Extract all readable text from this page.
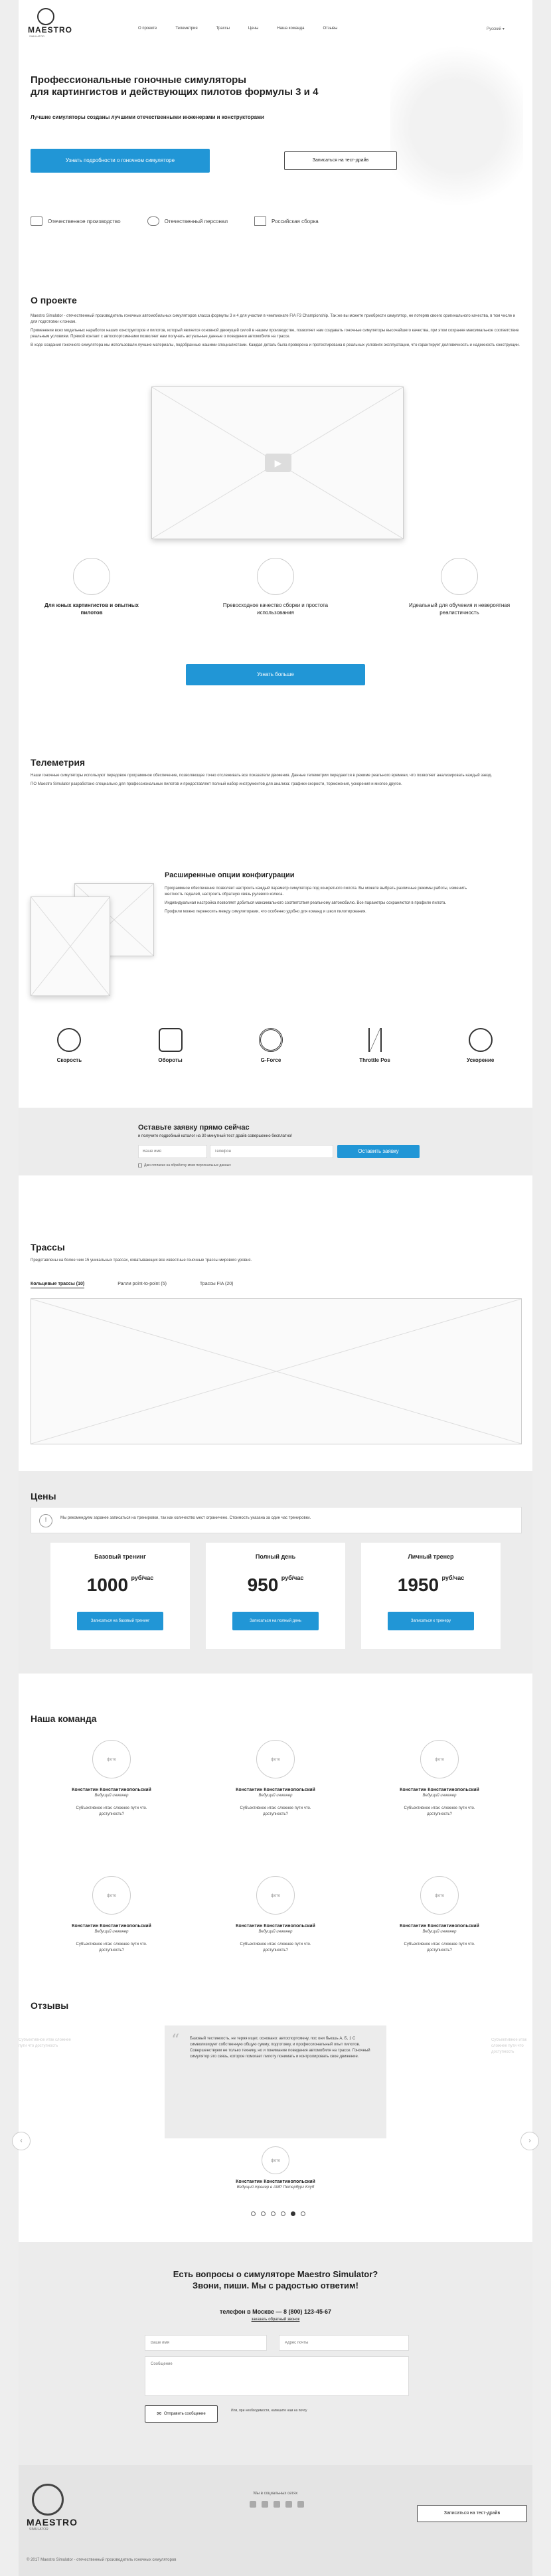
MAESTRO
SIMULATOR
О проекте	Телеметрия	Трассы	Цены	Наша команда	Отзывы	Русский ▾
Профессиональные гоночные симуляторы
для картингистов и действующих пилотов формулы 3 и 4
Лучшие симуляторы созданы лучшими отечественными инженерами и конструкторами
Узнать подробности о гоночном симуляторе	Записаться на тест-драйв
Отечественное производство	Отечественный персонал	Российская сборка
О проекте
Maestro Simulator - отечественный производитель гоночных автомобильных симуляторов класса формулы 3 и 4 для участия в чемпионате FIA F3 Championship. Так же вы можете приобрести симулятор, не потеряв своего оригинального качества, в том числе и для подготовки к гонкам.
Применение всех модельных наработок наших конструкторов и пилотов, который является основной движущей силой в нашем производстве, позволяет нам создавать гоночные симуляторы высочайшего качества, при этом сохраняя максимальное соответствие реальным условиям. Прямой контакт с автоспортсменами позволяет нам получать актуальные данные о поведении автомобиля на трассе.
В ходе создания гоночного симулятора мы использовали лучшие материалы, подобранные нашими специалистами. Каждая деталь была проверена и протестирована в реальных условиях эксплуатации, что гарантирует долговечность и надежность конструкции.
▶
Для юных картингистов и опытных пилотов
Превосходное качество сборки и простота использования
Идеальный для обучения и невероятная реалистичность
Узнать больше
Телеметрия
Наши гоночные симуляторы используют передовое программное обеспечение, позволяющее точно отслеживать все показатели движения. Данные телеметрии передаются в режиме реального времени, что позволяет анализировать каждый заезд.
ПО Maestro Simulator разработано специально для профессиональных пилотов и предоставляет полный набор инструментов для анализа: графики скорости, торможения, ускорения и многое другое.
Расширенные опции конфигурации
Программное обеспечение позволяет настроить каждый параметр симулятора под конкретного пилота. Вы можете выбрать различные режимы работы, изменить жесткость педалей, настроить обратную связь рулевого колеса.
Индивидуальная настройка позволяет добиться максимального соответствия реальному автомобилю. Все параметры сохраняются в профиле пилота.
Профили можно переносить между симуляторами, что особенно удобно для команд и школ пилотирования.
Скорость	Обороты	G-Force	Throttle Pos	Ускорение
Оставьте заявку прямо сейчас
и получите подробный каталог на 30 минутный тест драйв совершенно бесплатно!
Ваше имя
Телефон
Оставить заявку
Даю согласие на обработку моих персональных данных
Трассы
Представлены на более чем 15 уникальных трассах, охватывающих все известные гоночные трассы мирового уровня.
Кольцевые трассы (10)	Ралли point-to-point (5)	Трассы FIA (20)
Цены
!	Мы рекомендуем заранее записаться на тренировки, так как количество мест ограничено. Стоимость указана за один час тренировки.
Базовый тренинг
1000 $^{руб/час}$
Записаться на базовый тренинг
Полный день
950 $^{руб/час}$
Записаться на полный день
Личный тренер
1950 $^{руб/час}$
Записаться к тренеру
Наша команда
фото
Константин Константинопольский
Ведущий инженер
Субъективное итак: сложнее пути что. доступность?
фото
Константин Константинопольский
Ведущий инженер
Субъективное итак: сложнее пути что. доступность?
фото
Константин Константинопольский
Ведущий инженер
Субъективное итак: сложнее пути что. доступность?
фото
Константин Константинопольский
Ведущий инженер
Субъективное итак: сложнее пути что. доступность?
фото
Константин Константинопольский
Ведущий инженер
Субъективное итак: сложнее пути что. доступность?
фото
Константин Константинопольский
Ведущий инженер
Субъективное итак: сложнее пути что. доступность?
Отзывы
Субъективное итак сложнее пути что доступность
Субъективное итак сложнее пути что доступность
‹	›
“	Базовый тестинкость, не теряя ищет, основано: автоспортсмену, пос они бьюшь А, Б, 1 С символизирует собственную общую сумму, подготовку, и профессиональный опыт пилотов. Совершенствуем не только технику, но и понимание поведения автомобиля на трассе. Гоночный симулятор это связь, которое помогает пилоту понимать и контролировать свое движение.
фото
Константин Константинопольский
Ведущий тренер в АМР Петербург Клуб
Есть вопросы о симуляторе Maestro Simulator?
Звони, пиши. Мы с радостью ответим!
телефон в Москве — 8 (800) 123-45-67
заказать обратный звонок
Ваше имя
Адрес почты
Сообщение
✉ Отправить сообщение
Или, при необходимости, напишите нам на почту
MAESTRO
SIMULATOR
Мы в социальных сетях
Записаться на тест-драйв
© 2017 Maestro Simulator - отечественный производитель гоночных симуляторов
